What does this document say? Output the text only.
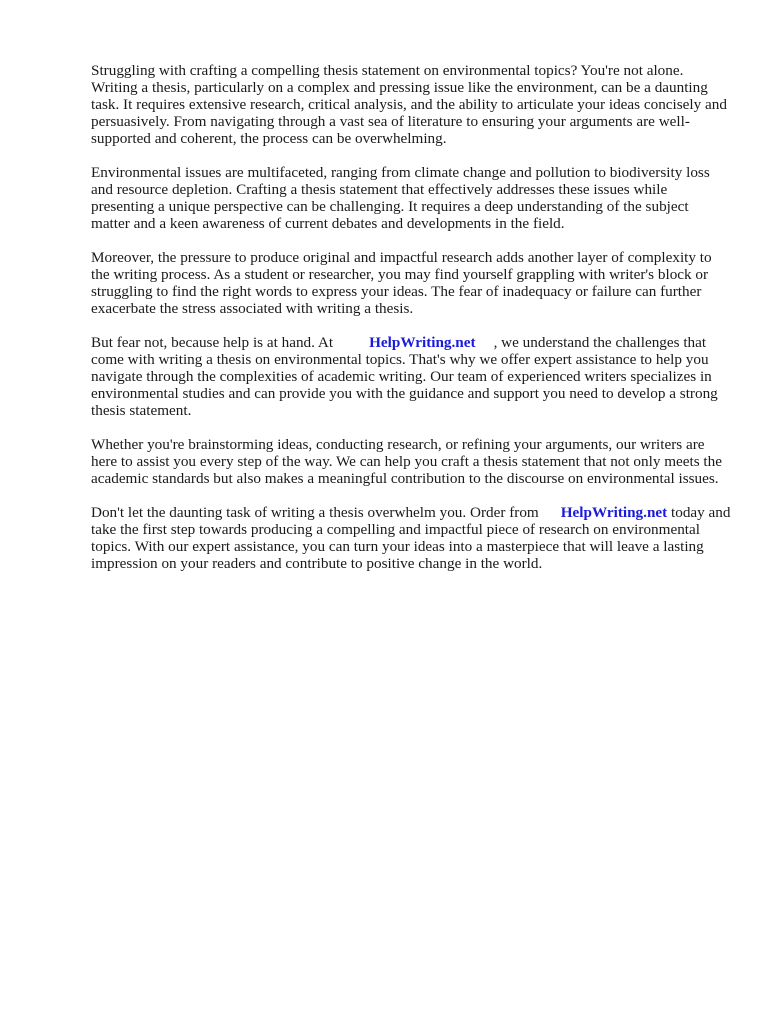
Struggling with crafting a compelling thesis statement on environmental topics? You're not alone. Writing a thesis, particularly on a complex and pressing issue like the environment, can be a daunting task. It requires extensive research, critical analysis, and the ability to articulate your ideas concisely and persuasively. From navigating through a vast sea of literature to ensuring your arguments are well-supported and coherent, the process can be overwhelming.

Environmental issues are multifaceted, ranging from climate change and pollution to biodiversity loss and resource depletion. Crafting a thesis statement that effectively addresses these issues while presenting a unique perspective can be challenging. It requires a deep understanding of the subject matter and a keen awareness of current debates and developments in the field.

Moreover, the pressure to produce original and impactful research adds another layer of complexity to the writing process. As a student or researcher, you may find yourself grappling with writer's block or struggling to find the right words to express your ideas. The fear of inadequacy or failure can further exacerbate the stress associated with writing a thesis.

But fear not, because help is at hand. At HelpWriting.net , we understand the challenges that come with writing a thesis on environmental topics. That's why we offer expert assistance to help you navigate through the complexities of academic writing. Our team of experienced writers specializes in environmental studies and can provide you with the guidance and support you need to develop a strong thesis statement.

Whether you're brainstorming ideas, conducting research, or refining your arguments, our writers are here to assist you every step of the way. We can help you craft a thesis statement that not only meets the academic standards but also makes a meaningful contribution to the discourse on environmental issues.

Don't let the daunting task of writing a thesis overwhelm you. Order from HelpWriting.net today and take the first step towards producing a compelling and impactful piece of research on environmental topics. With our expert assistance, you can turn your ideas into a masterpiece that will leave a lasting impression on your readers and contribute to positive change in the world.
